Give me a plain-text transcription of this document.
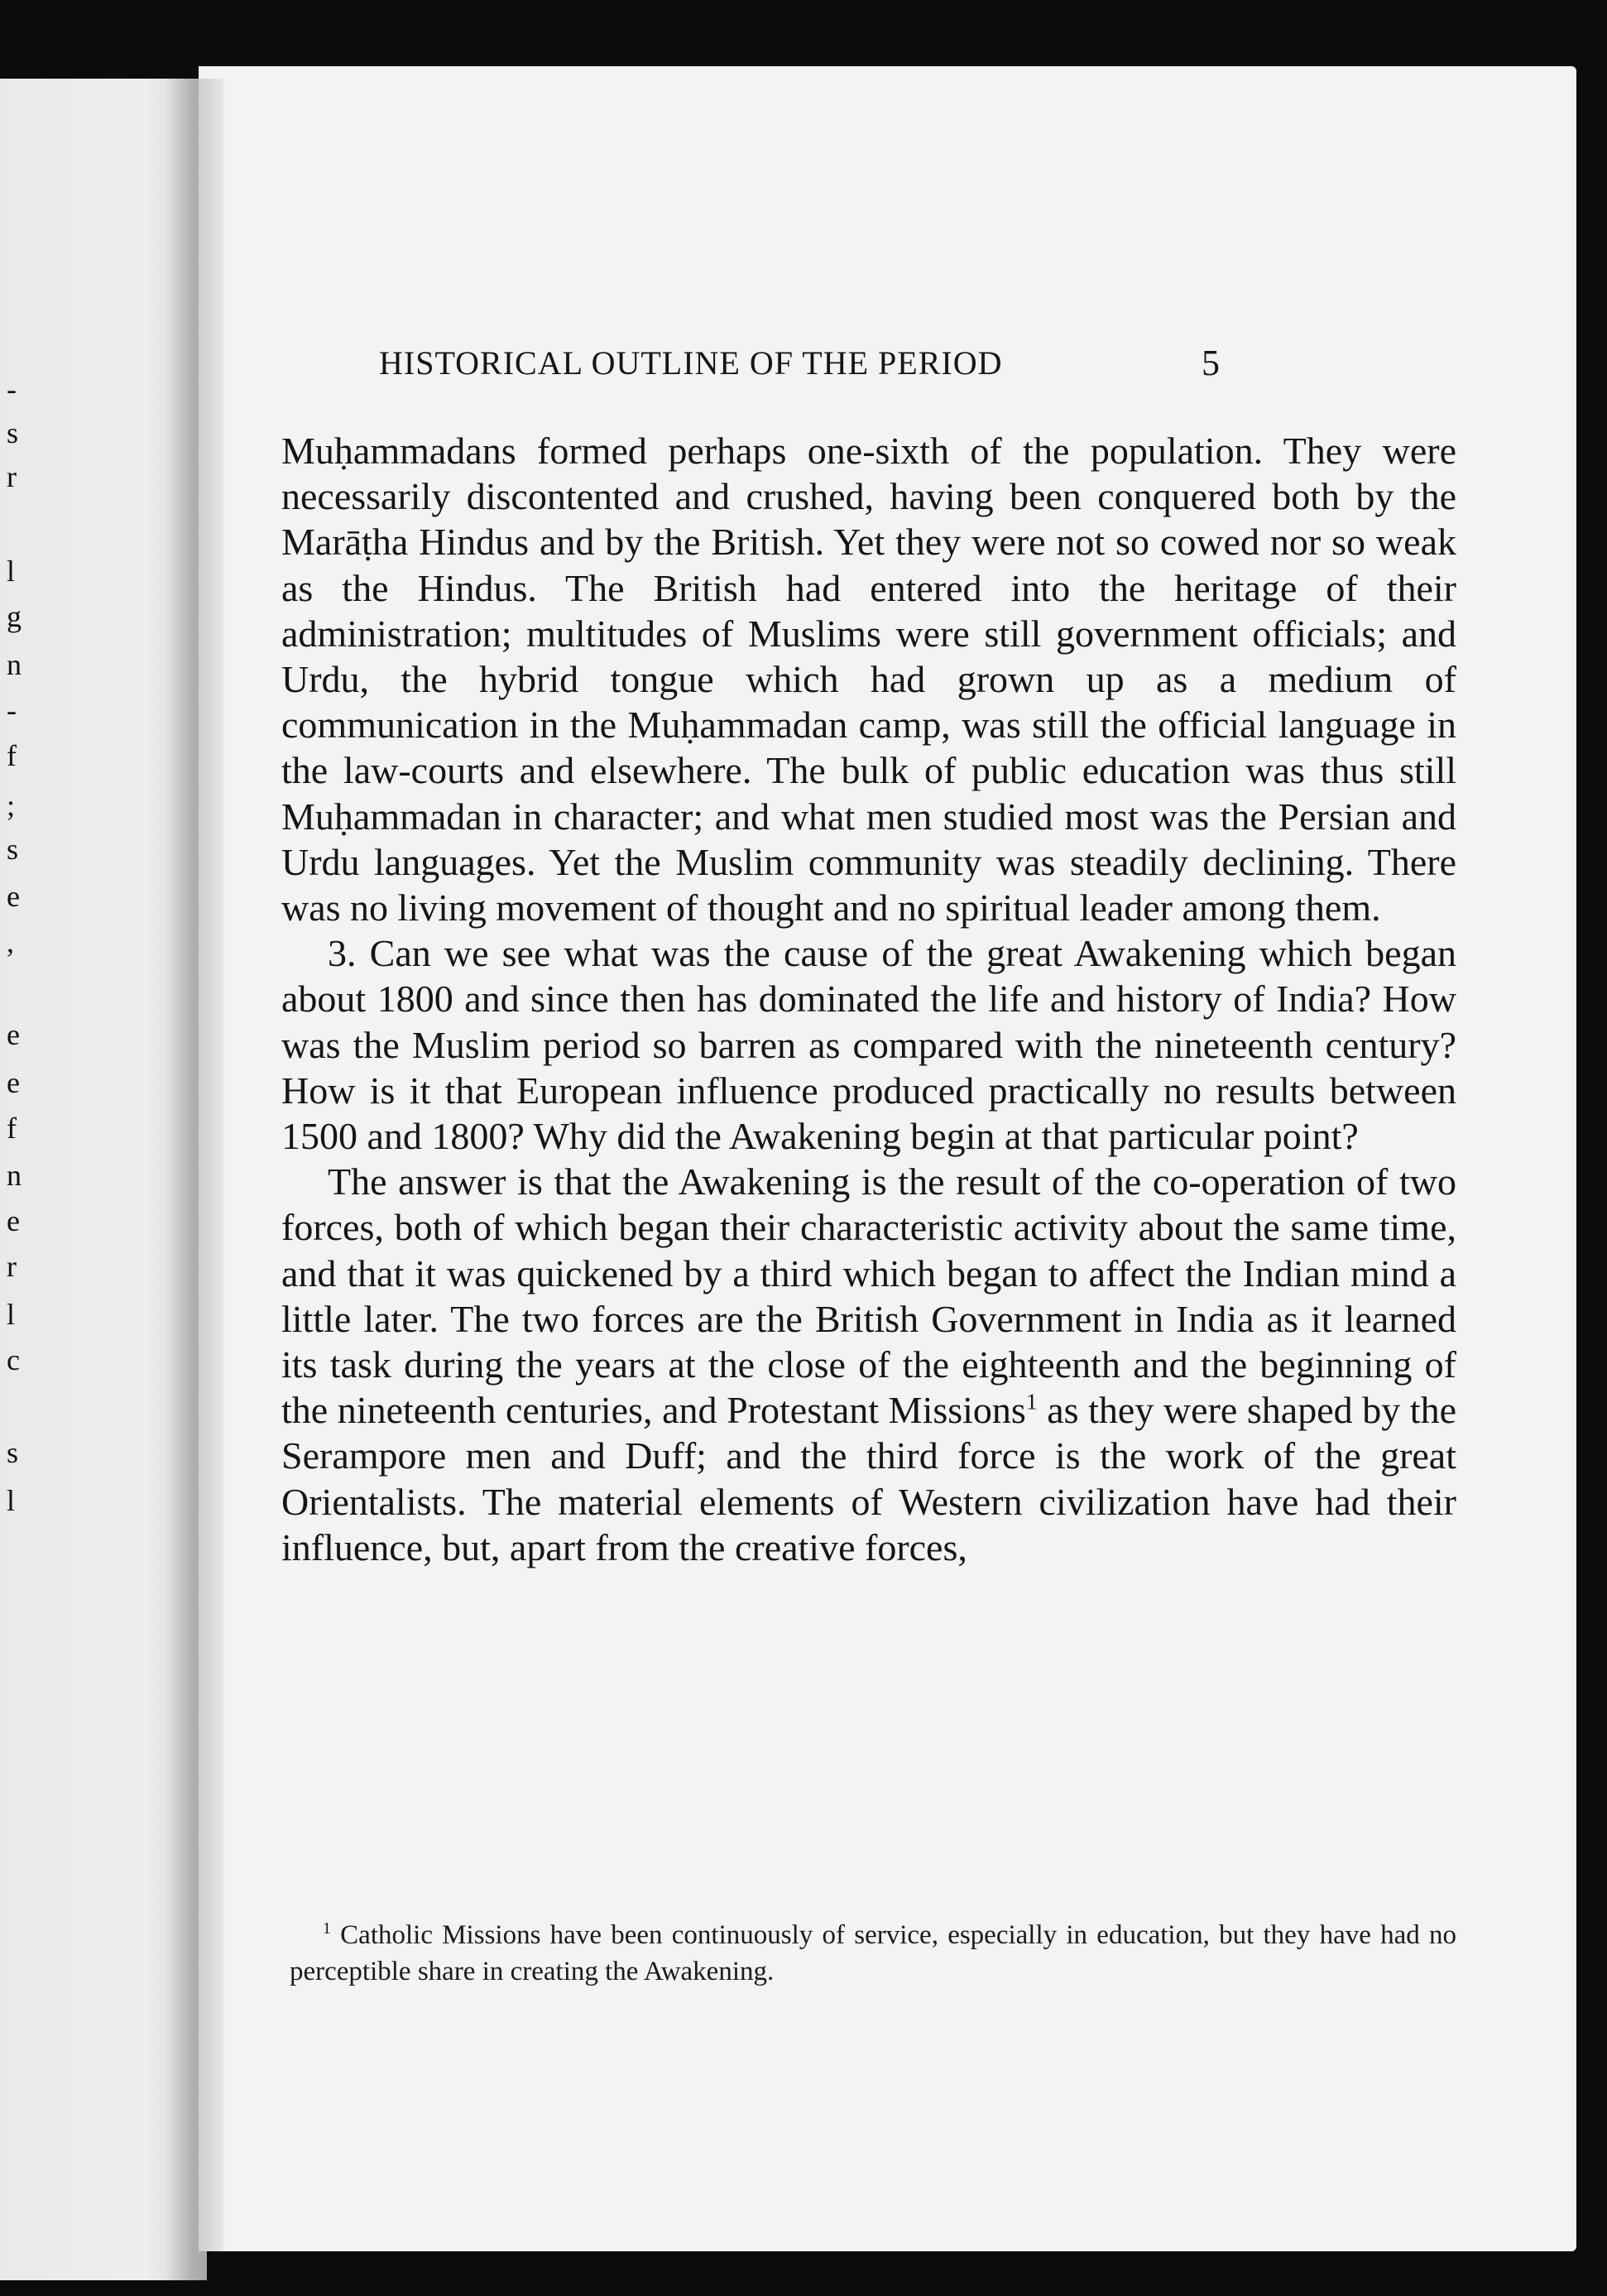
-
s
r
l
g
n
-
f
;
s
e
,
e
e
f
n
e
r
l
c
s
l
HISTORICAL OUTLINE OF THE PERIOD	5

Muḥammadans formed perhaps one-sixth of the population. They were necessarily discontented and crushed, having been conquered both by the Marāṭha Hindus and by the British. Yet they were not so cowed nor so weak as the Hindus. The British had entered into the heritage of their administration; multitudes of Muslims were still government officials; and Urdu, the hybrid tongue which had grown up as a medium of communication in the Muḥammadan camp, was still the official language in the law-courts and elsewhere. The bulk of public education was thus still Muḥammadan in character; and what men studied most was the Persian and Urdu languages. Yet the Muslim community was steadily declining. There was no living movement of thought and no spiritual leader among them.

3. Can we see what was the cause of the great Awakening which began about 1800 and since then has dominated the life and history of India? How was the Muslim period so barren as compared with the nineteenth century? How is it that European influence produced practically no results between 1500 and 1800? Why did the Awakening begin at that particular point?

The answer is that the Awakening is the result of the co-operation of two forces, both of which began their characteristic activity about the same time, and that it was quickened by a third which began to affect the Indian mind a little later. The two forces are the British Government in India as it learned its task during the years at the close of the eighteenth and the beginning of the nineteenth centuries, and Protestant Missions$^1$ as they were shaped by the Serampore men and Duff; and the third force is the work of the great Orientalists. The material elements of Western civilization have had their influence, but, apart from the creative forces,

$^1$ Catholic Missions have been continuously of service, especially in education, but they have had no perceptible share in creating the Awakening.
